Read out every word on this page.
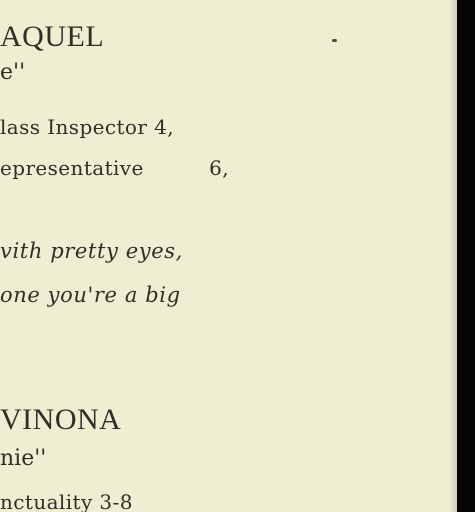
AQUEL
e''
lass Inspector 4,
epresentative	6,
vith pretty eyes,
one you're a big
VINONA
nie''
nctuality 3-8
